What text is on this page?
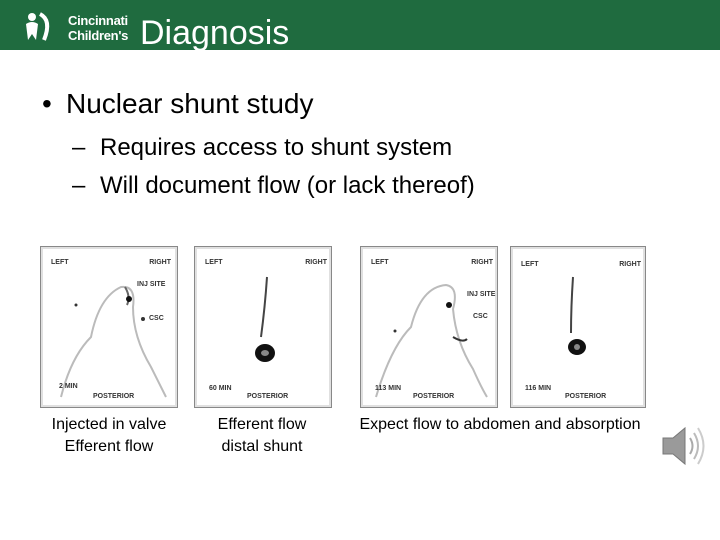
Cincinnati
Children's Diagnosis
• Nuclear shunt study
– Requires access to shunt system
– Will document flow (or lack thereof)
LEFT	RIGHT
INJ SITE
CSC
2 MIN
POSTERIOR
LEFT	RIGHT
60 MIN
POSTERIOR
LEFT	RIGHT
INJ SITE
CSC
113 MIN
POSTERIOR
LEFT	RIGHT
116 MIN
POSTERIOR
Injected in valve
Efferent flow
Efferent flow
distal shunt
Expect flow to abdomen and absorption
